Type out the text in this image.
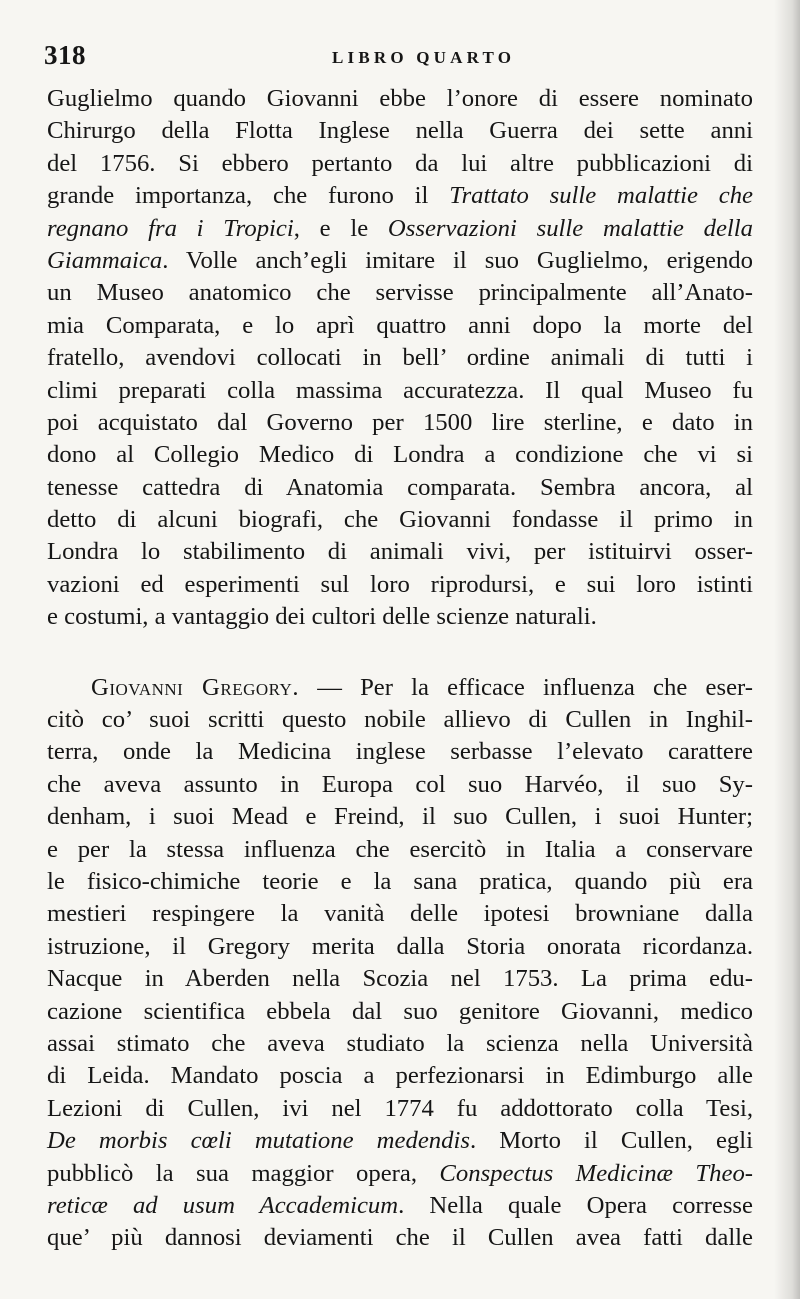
318	LIBRO QUARTO
Guglielmo quando Giovanni ebbe l’onore di essere nominato
Chirurgo della Flotta Inglese nella Guerra dei sette anni
del 1756. Si ebbero pertanto da lui altre pubblicazioni di
grande importanza, che furono il Trattato sulle malattie che
regnano fra i Tropici, e le Osservazioni sulle malattie della
Giammaica. Volle anch’egli imitare il suo Guglielmo, erigendo
un Museo anatomico che servisse principalmente all’Anato-
mia Comparata, e lo aprì quattro anni dopo la morte del
fratello, avendovi collocati in bell’ ordine animali di tutti i
climi preparati colla massima accuratezza. Il qual Museo fu
poi acquistato dal Governo per 1500 lire sterline, e dato in
dono al Collegio Medico di Londra a condizione che vi si
tenesse cattedra di Anatomia comparata. Sembra ancora, al
detto di alcuni biografi, che Giovanni fondasse il primo in
Londra lo stabilimento di animali vivi, per istituirvi osser-
vazioni ed esperimenti sul loro riprodursi, e sui loro istinti
e costumi, a vantaggio dei cultori delle scienze naturali.
Giovanni Gregory. — Per la efficace influenza che eser-
citò co’ suoi scritti questo nobile allievo di Cullen in Inghil-
terra, onde la Medicina inglese serbasse l’elevato carattere
che aveva assunto in Europa col suo Harvéo, il suo Sy-
denham, i suoi Mead e Freind, il suo Cullen, i suoi Hunter;
e per la stessa influenza che esercitò in Italia a conservare
le fisico-chimiche teorie e la sana pratica, quando più era
mestieri respingere la vanità delle ipotesi browniane dalla
istruzione, il Gregory merita dalla Storia onorata ricordanza.
Nacque in Aberden nella Scozia nel 1753. La prima edu-
cazione scientifica ebbela dal suo genitore Giovanni, medico
assai stimato che aveva studiato la scienza nella Università
di Leida. Mandato poscia a perfezionarsi in Edimburgo alle
Lezioni di Cullen, ivi nel 1774 fu addottorato colla Tesi,
De morbis cœli mutatione medendis. Morto il Cullen, egli
pubblicò la sua maggior opera, Conspectus Medicinæ Theo-
reticæ ad usum Accademicum. Nella quale Opera corresse
que’ più dannosi deviamenti che il Cullen avea fatti dalle
